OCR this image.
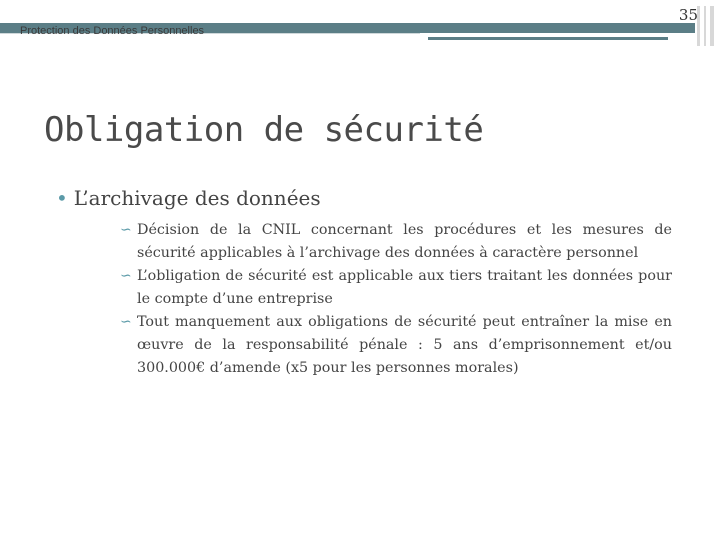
Protection des Données Personnelles
35
Obligation de sécurité
• L’archivage des données

∽ Décision de la CNIL concernant les procédures et les mesures de sécurité applicables à l’archivage des données à caractère personnel

∽ L’obligation de sécurité est applicable aux tiers traitant les données pour le compte d’une entreprise

∽ Tout manquement aux obligations de sécurité peut entraîner la mise en œuvre de la responsabilité pénale : 5 ans d’emprisonnement et/ou 300.000€ d’amende (x5 pour les personnes morales)
